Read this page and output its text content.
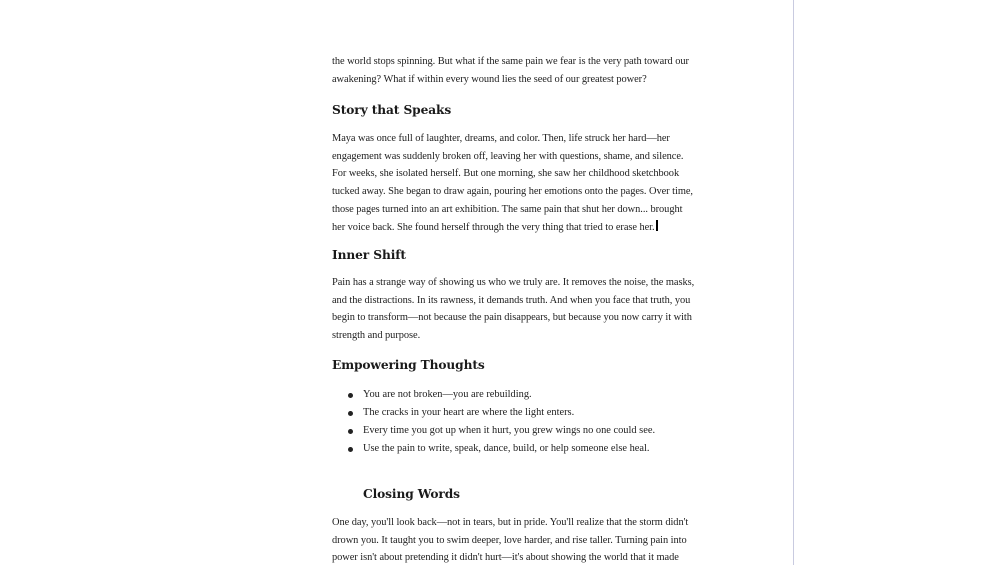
the world stops spinning. But what if the same pain we fear is the very path toward our
awakening? What if within every wound lies the seed of our greatest power?

Story that Speaks

Maya was once full of laughter, dreams, and color. Then, life struck her hard—her
engagement was suddenly broken off, leaving her with questions, shame, and silence.
For weeks, she isolated herself. But one morning, she saw her childhood sketchbook
tucked away. She began to draw again, pouring her emotions onto the pages. Over time,
those pages turned into an art exhibition. The same pain that shut her down... brought
her voice back. She found herself through the very thing that tried to erase her.

Inner Shift

Pain has a strange way of showing us who we truly are. It removes the noise, the masks,
and the distractions. In its rawness, it demands truth. And when you face that truth, you
begin to transform—not because the pain disappears, but because you now carry it with
strength and purpose.

Empowering Thoughts
You are not broken—you are rebuilding.
The cracks in your heart are where the light enters.
Every time you got up when it hurt, you grew wings no one could see.
Use the pain to write, speak, dance, build, or help someone else heal.
Closing Words

One day, you'll look back—not in tears, but in pride. You'll realize that the storm didn't
drown you. It taught you to swim deeper, love harder, and rise taller. Turning pain into
power isn't about pretending it didn't hurt—it's about showing the world that it made
